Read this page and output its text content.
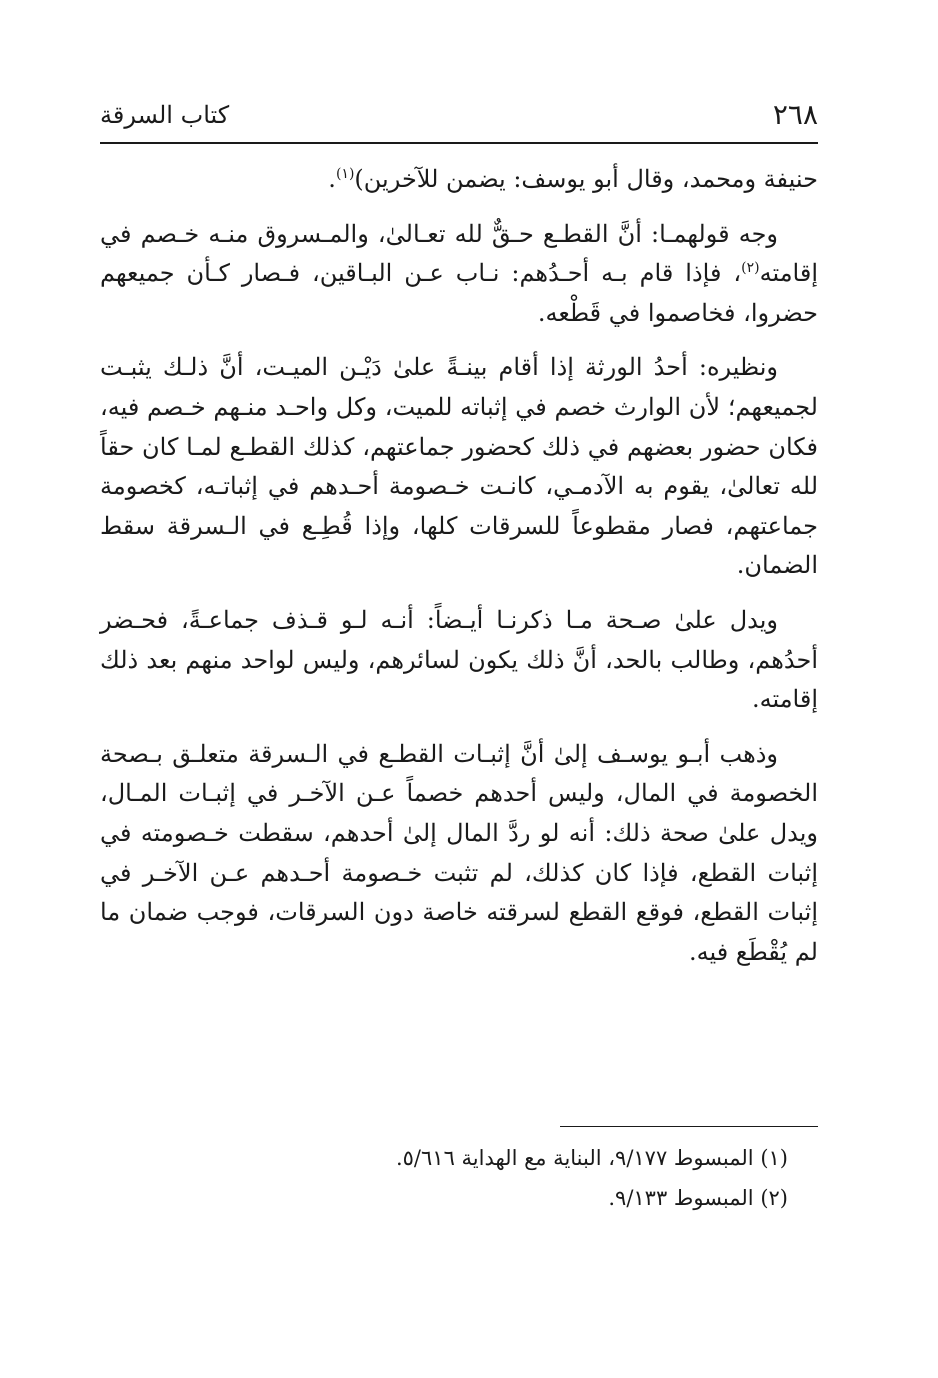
٢٦٨
كتاب السرقة

حنيفة ومحمد، وقال أبو يوسف: يضمن للآخرين)$^{(١)}$.

وجه قولهمـا: أنَّ القطـع حـقٌّ لله تعـالىٰ، والمـسروق منـه خـصم في إقامته$^{(٢)}$، فإذا قام بـه أحـدُهم: نـاب عـن البـاقين، فـصار كـأن جميعهم حضروا، فخاصموا في قَطْعه.

ونظيره: أحدُ الورثة إذا أقام بينـةً علىٰ دَيْـن الميـت، أنَّ ذلـك يثبـت لجميعهم؛ لأن الوارث خصم في إثباته للميت، وكل واحـد منـهم خـصم فيه، فكان حضور بعضهم في ذلك كحضور جماعتهم، كذلك القطـع لمـا كان حقاً لله تعالىٰ، يقوم به الآدمـي، كانـت خـصومة أحـدهم في إثباتـه، كخصومة جماعتهم، فصار مقطوعاً للسرقات كلها، وإذا قُطِـع في الـسرقة سقط الضمان.

ويدل علىٰ صـحة مـا ذكرنـا أيـضاً: أنـه لـو قـذف جماعـةً، فحـضر أحدُهم، وطالب بالحد، أنَّ ذلك يكون لسائرهم، وليس لواحد منهم بعد ذلك إقامته.

وذهب أبـو يوسـف إلىٰ أنَّ إثبـات القطـع في الـسرقة متعلـق بـصحة الخصومة في المال، وليس أحدهم خصماً عـن الآخـر في إثبـات المـال، ويدل علىٰ صحة ذلك: أنه لو ردَّ المال إلىٰ أحدهم، سقطت خـصومته في إثبات القطع، فإذا كان كذلك، لم تثبت خـصومة أحـدهم عـن الآخـر في إثبات القطع، فوقع القطع لسرقته خاصة دون السرقات، فوجب ضمان ما لم يُقْطَع فيه.

(١) المبسوط ٩/١٧٧، البناية مع الهداية ٥/٦١٦.

(٢) المبسوط ٩/١٣٣.
